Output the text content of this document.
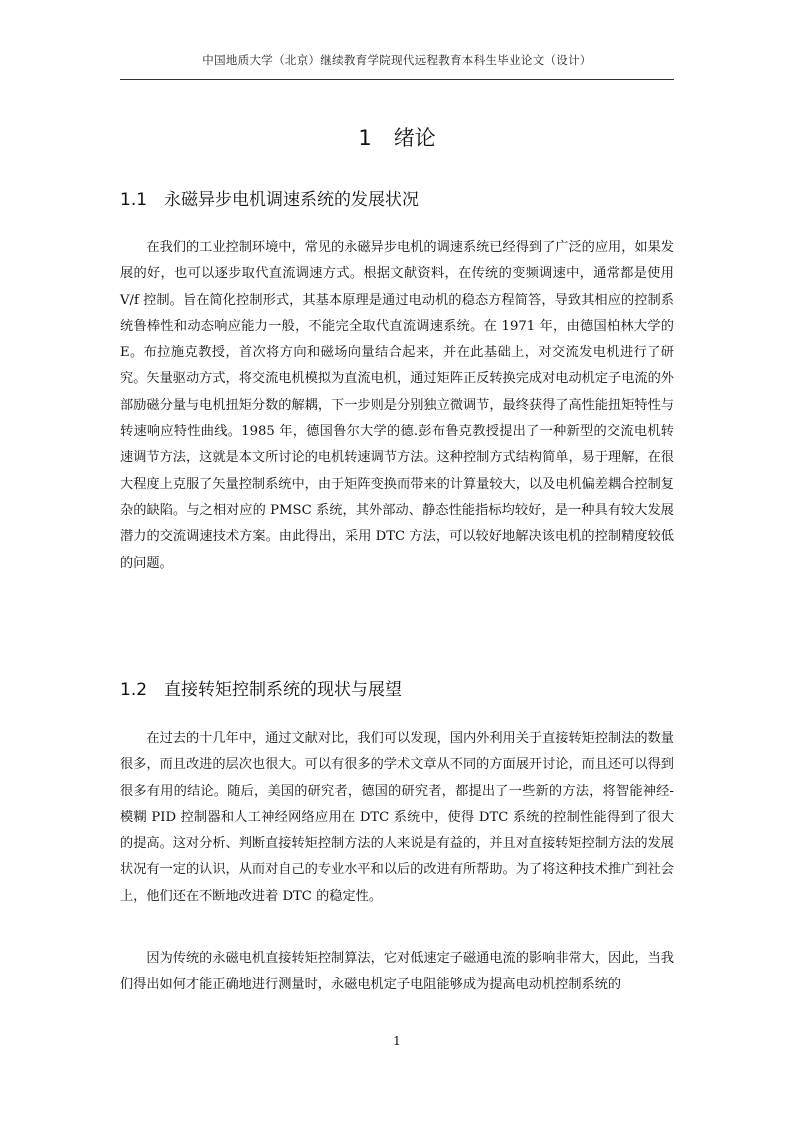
中国地质大学（北京）继续教育学院现代远程教育本科生毕业论文（设计）
1 绪论
1.1 永磁异步电机调速系统的发展状况

在我们的工业控制环境中，常见的永磁异步电机的调速系统已经得到了广泛的应用，如果发展的好，也可以逐步取代直流调速方式。根据文献资料，在传统的变频调速中，通常都是使用 V/f 控制。旨在简化控制形式，其基本原理是通过电动机的稳态方程简答，导致其相应的控制系统鲁棒性和动态响应能力一般，不能完全取代直流调速系统。在 1971 年，由德国柏林大学的 E。布拉施克教授，首次将方向和磁场向量结合起来，并在此基础上，对交流发电机进行了研究。矢量驱动方式，将交流电机模拟为直流电机，通过矩阵正反转换完成对电动机定子电流的外部励磁分量与电机扭矩分数的解耦，下一步则是分别独立微调节，最终获得了高性能扭矩特性与转速响应特性曲线。1985 年，德国鲁尔大学的德.彭布鲁克教授提出了一种新型的交流电机转速调节方法，这就是本文所讨论的电机转速调节方法。这种控制方式结构简单，易于理解，在很大程度上克服了矢量控制系统中，由于矩阵变换而带来的计算量较大，以及电机偏差耦合控制复杂的缺陷。与之相对应的 PMSC 系统，其外部动、静态性能指标均较好，是一种具有较大发展潜力的交流调速技术方案。由此得出，采用 DTC 方法，可以较好地解决该电机的控制精度较低的问题。

1.2 直接转矩控制系统的现状与展望

在过去的十几年中，通过文献对比，我们可以发现，国内外利用关于直接转矩控制法的数量很多，而且改进的层次也很大。可以有很多的学术文章从不同的方面展开讨论，而且还可以得到很多有用的结论。随后，美国的研究者，德国的研究者，都提出了一些新的方法，将智能神经-模糊 PID 控制器和人工神经网络应用在 DTC 系统中，使得 DTC 系统的控制性能得到了很大的提高。这对分析、判断直接转矩控制方法的人来说是有益的，并且对直接转矩控制方法的发展状况有一定的认识，从而对自己的专业水平和以后的改进有所帮助。为了将这种技术推广到社会上，他们还在不断地改进着 DTC 的稳定性。

因为传统的永磁电机直接转矩控制算法，它对低速定子磁通电流的影响非常大，因此，当我们得出如何才能正确地进行测量时，永磁电机定子电阻能够成为提高电动机控制系统的

1
